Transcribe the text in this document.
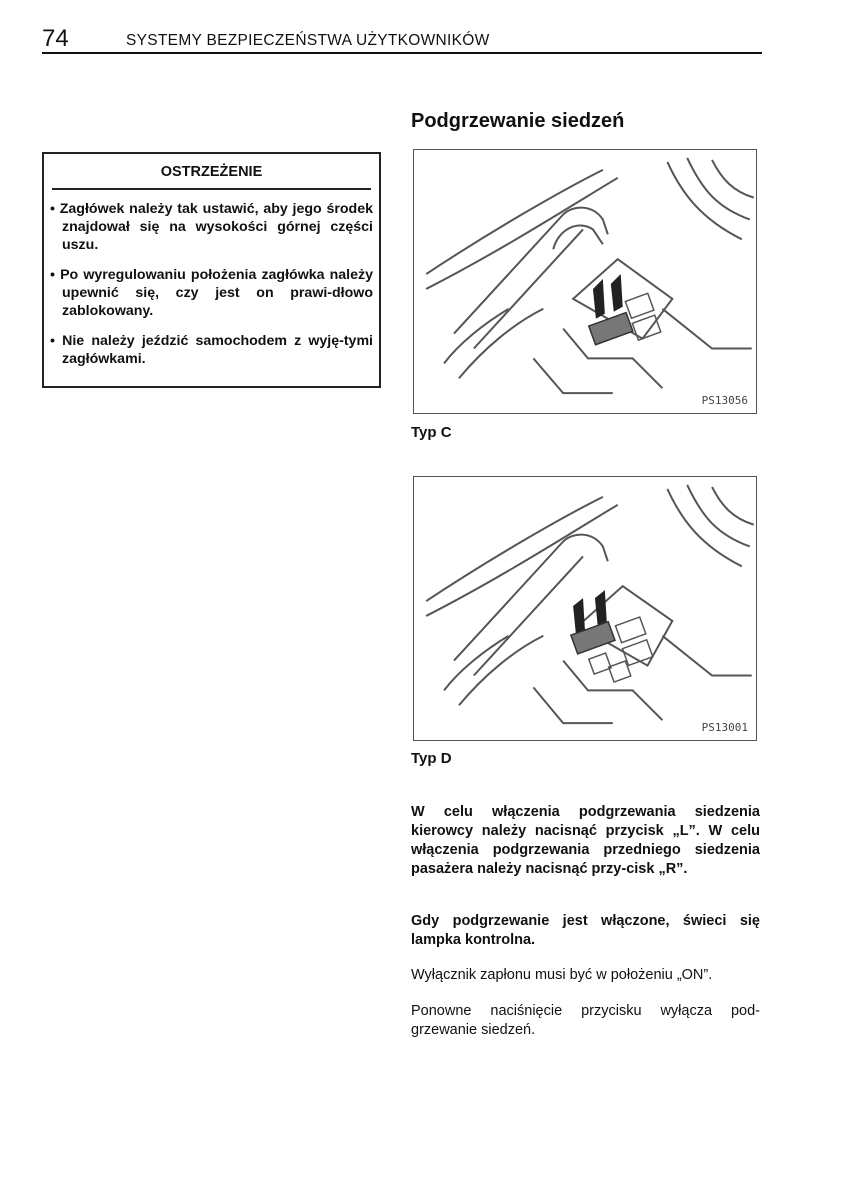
74	SYSTEMY BEZPIECZEŃSTWA UŻYTKOWNIKÓW
OSTRZEŻENIE
• Zagłówek należy tak ustawić, aby jego środek znajdował się na wysokości górnej części uszu.
• Po wyregulowaniu położenia zagłówka należy upewnić się, czy jest on prawi-dłowo zablokowany.
• Nie należy jeździć samochodem z wyję-tymi zagłówkami.
Podgrzewanie siedzeń
PS13056
Typ C
PS13001
Typ D

W celu włączenia podgrzewania siedzenia kierowcy należy nacisnąć przycisk „L”. W celu włączenia podgrzewania przedniego siedzenia pasażera należy nacisnąć przy-cisk „R”.

Gdy podgrzewanie jest włączone, świeci się lampka kontrolna.

Wyłącznik zapłonu musi być w położeniu „ON”.

Ponowne naciśnięcie przycisku wyłącza pod-grzewanie siedzeń.
